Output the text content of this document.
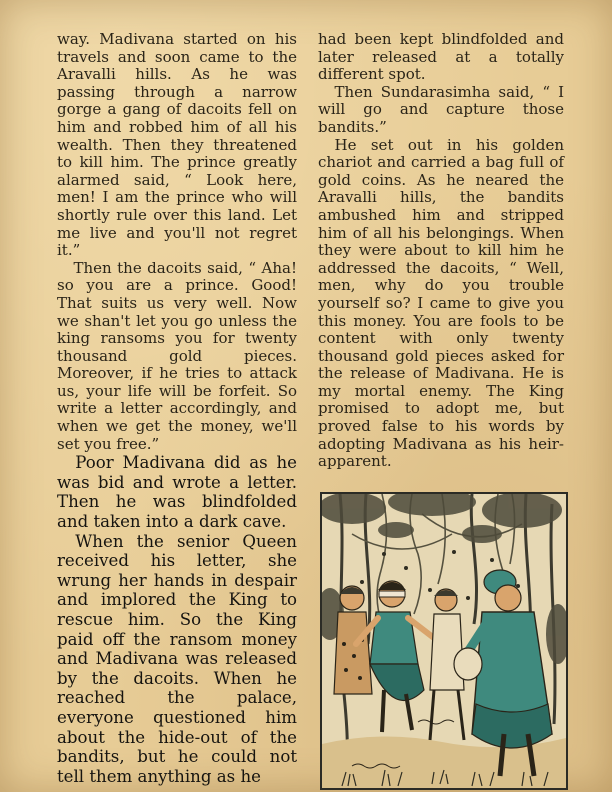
way. Madivana started on his travels and soon came to the Aravalli hills. As he was passing through a narrow gorge a gang of dacoits fell on him and robbed him of all his wealth. Then they threatened to kill him. The prince greatly alarmed said, “ Look here, men! I am the prince who will shortly rule over this land. Let me live and you'll not regret it.”

Then the dacoits said, “ Aha! so you are a prince. Good! That suits us very well. Now we shan't let you go unless the king ransoms you for twenty thousand gold pieces. Moreover, if he tries to attack us, your life will be forfeit. So write a letter accordingly, and when we get the money, we'll set you free.”

Poor Madivana did as he was bid and wrote a letter. Then he was blindfolded and taken into a dark cave.

When the senior Queen received his letter, she wrung her hands in despair and implored the King to rescue him. So the King paid off the ransom money and Madivana was released by the dacoits. When he reached the palace, everyone questioned him about the hide-out of the bandits, but he could not tell them anything as he

had been kept blindfolded and later released at a totally different spot.

Then Sundarasimha said, “ I will go and capture those bandits.”

He set out in his golden chariot and carried a bag full of gold coins. As he neared the Aravalli hills, the bandits ambushed him and stripped him of all his belongings. When they were about to kill him he addressed the dacoits, “ Well, men, why do you trouble yourself so? I came to give you this money. You are fools to be content with only twenty thousand gold pieces asked for the release of Madivana. He is my mortal enemy. The King promised to adopt me, but proved false to his words by adopting Madivana as his heir-apparent.
